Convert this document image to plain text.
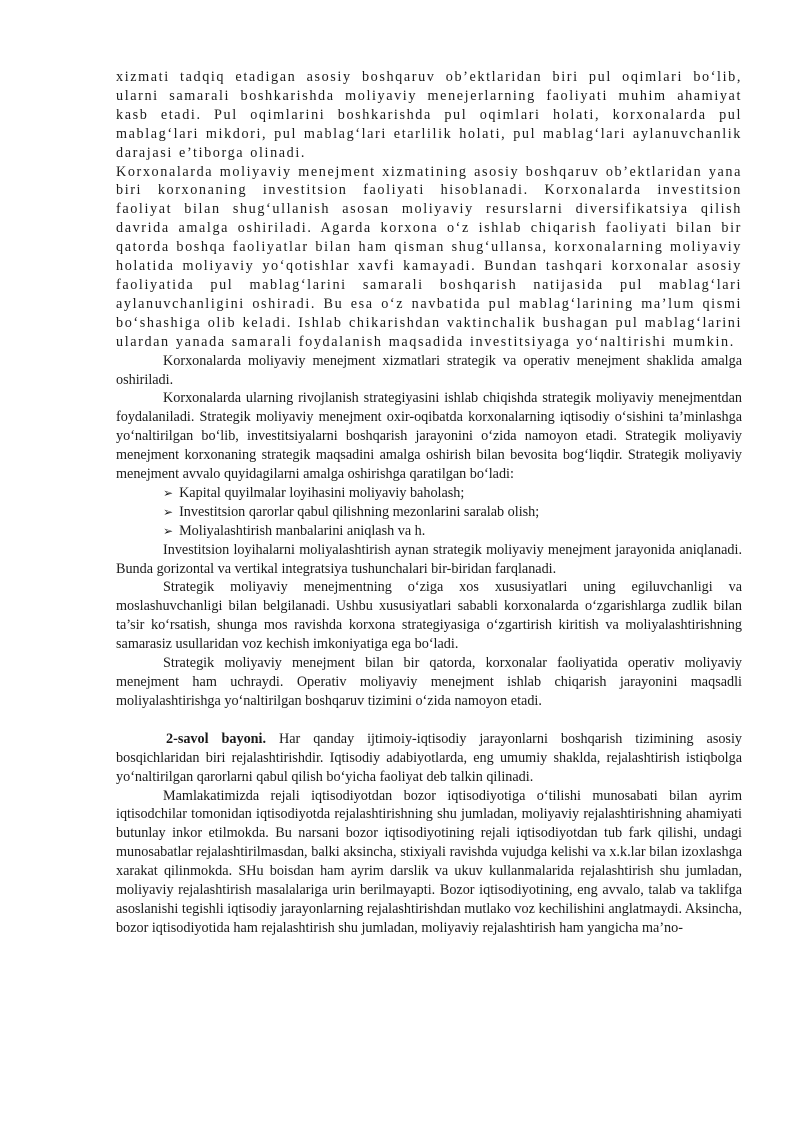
xizmati tadqiq etadigan asosiy boshqaruv ob’ektlaridan biri pul oqimlari bo‘lib, ularni samarali boshkarishda moliyaviy menejerlarning faoliyati muhim ahamiyat kasb etadi. Pul oqimlarini boshkarishda pul oqimlari holati, korxonalarda pul mablag‘lari mikdori, pul mablag‘lari etarlilik holati, pul mablag‘lari aylanuvchanlik darajasi e’tiborga olinadi.

Korxonalarda moliyaviy menejment xizmatining asosiy boshqaruv ob’ektlaridan yana biri korxonaning investitsion faoliyati hisoblanadi. Korxonalarda investitsion faoliyat bilan shug‘ullanish asosan moliyaviy resurslarni diversifikatsiya qilish davrida amalga oshiriladi. Agarda korxona o‘z ishlab chiqarish faoliyati bilan bir qatorda boshqa faoliyatlar bilan ham qisman shug‘ullansa, korxonalarning moliyaviy holatida moliyaviy yo‘qotishlar xavfi kamayadi. Bundan tashqari korxonalar asosiy faoliyatida pul mablag‘larini samarali boshqarish natijasida pul mablag‘lari aylanuvchanligini oshiradi. Bu esa o‘z navbatida pul mablag‘larining ma’lum qismi bo‘shashiga olib keladi. Ishlab chikarishdan vaktinchalik bushagan pul mablag‘larini ulardan yanada samarali foydalanish maqsadida investitsiyaga yo‘naltirishi mumkin.

Korxonalarda moliyaviy menejment xizmatlari strategik va operativ menejment shaklida amalga oshiriladi.

Korxonalarda ularning rivojlanish strategiyasini ishlab chiqishda strategik moliyaviy menejmentdan foydalaniladi. Strategik moliyaviy menejment oxir-oqibatda korxonalarning iqtisodiy o‘sishini ta’minlashga yo‘naltirilgan bo‘lib, investitsiyalarni boshqarish jarayonini o‘zida namoyon etadi. Strategik moliyaviy menejment korxonaning strategik maqsadini amalga oshirish bilan bevosita bog‘liqdir. Strategik moliyaviy menejment avvalo quyidagilarni amalga oshirishga qaratilgan bo‘ladi:

➢ Kapital quyilmalar loyihasini moliyaviy baholash;
➢ Investitsion qarorlar qabul qilishning mezonlarini saralab olish;
➢ Moliyalashtirish manbalarini aniqlash va h.

Investitsion loyihalarni moliyalashtirish aynan strategik moliyaviy menejment jarayonida aniqlanadi. Bunda gorizontal va vertikal integratsiya tushunchalari bir-biridan farqlanadi.

Strategik moliyaviy menejmentning o‘ziga xos xususiyatlari uning egiluvchanligi va moslashuvchanligi bilan belgilanadi. Ushbu xususiyatlari sababli korxonalarda o‘zgarishlarga zudlik bilan ta’sir ko‘rsatish, shunga mos ravishda korxona strategiyasiga o‘zgartirish kiritish va moliyalashtirishning samarasiz usullaridan voz kechish imkoniyatiga ega bo‘ladi.

Strategik moliyaviy menejment bilan bir qatorda, korxonalar faoliyatida operativ moliyaviy menejment ham uchraydi. Operativ moliyaviy menejment ishlab chiqarish jarayonini maqsadli moliyalashtirishga yo‘naltirilgan boshqaruv tizimini o‘zida namoyon etadi.

2-savol bayoni. Har qanday ijtimoiy-iqtisodiy jarayonlarni boshqarish tizimining asosiy bosqichlaridan biri rejalashtirishdir. Iqtisodiy adabiyotlarda, eng umumiy shaklda, rejalashtirish istiqbolga yo‘naltirilgan qarorlarni qabul qilish bo‘yicha faoliyat deb talkin qilinadi.

Mamlakatimizda rejali iqtisodiyotdan bozor iqtisodiyotiga o‘tilishi munosabati bilan ayrim iqtisodchilar tomonidan iqtisodiyotda rejalashtirishning shu jumladan, moliyaviy rejalashtirishning ahamiyati butunlay inkor etilmokda. Bu narsani bozor iqtisodiyotining rejali iqtisodiyotdan tub fark qilishi, undagi munosabatlar rejalashtirilmasdan, balki aksincha, stixiyali ravishda vujudga kelishi va x.k.lar bilan izoxlashga xarakat qilinmokda. SHu boisdan ham ayrim darslik va ukuv kullanmalarida rejalashtirish shu jumladan, moliyaviy rejalashtirish masalalariga urin berilmayapti. Bozor iqtisodiyotining, eng avvalo, talab va taklifga asoslanishi tegishli iqtisodiy jarayonlarning rejalashtirishdan mutlako voz kechilishini anglatmaydi. Aksincha, bozor iqtisodiyotida ham rejalashtirish shu jumladan, moliyaviy rejalashtirish ham yangicha ma’no-
